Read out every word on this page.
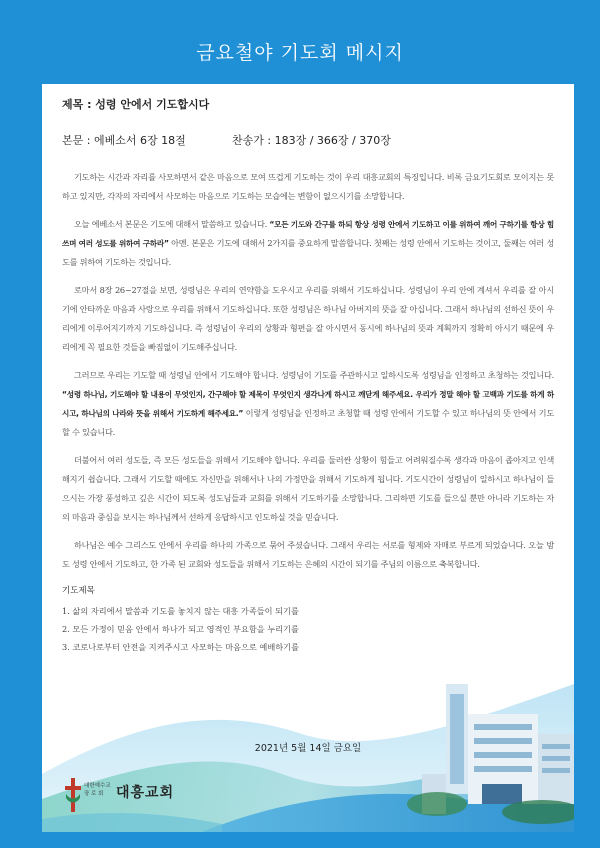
금요철야 기도회 메시지

제목 : 성령 안에서 기도합시다

본문 : 에베소서 6장 18절	찬송가 : 183장 / 366장 / 370장

기도하는 시간과 자리를 사모하면서 같은 마음으로 모여 뜨겁게 기도하는 것이 우리 대흥교회의 특징입니다. 비록 금요기도회로 모이지는 못하고 있지만, 각자의 자리에서 사모하는 마음으로 기도하는 모습에는 변함이 없으시기를 소망합니다.

오늘 에베소서 본문은 기도에 대해서 말씀하고 있습니다. “모든 기도와 간구를 하되 항상 성령 안에서 기도하고 이를 위하여 깨어 구하기를 항상 힘쓰며 여러 성도를 위하여 구하라” 아멘. 본문은 기도에 대해서 2가지를 중요하게 말씀합니다. 첫째는 성령 안에서 기도하는 것이고, 둘째는 여러 성도를 위하여 기도하는 것입니다.

로마서 8장 26~27절을 보면, 성령님은 우리의 연약함을 도우시고 우리를 위해서 기도하십니다. 성령님이 우리 안에 계셔서 우리를 잘 아시기에 안타까운 마음과 사랑으로 우리를 위해서 기도하십니다. 또한 성령님은 하나님 아버지의 뜻을 잘 아십니다. 그래서 하나님의 선하신 뜻이 우리에게 이루어지기까지 기도하십니다. 즉 성령님이 우리의 상황과 형편을 잘 아시면서 동시에 하나님의 뜻과 계획까지 정확히 아시기 때문에 우리에게 꼭 필요한 것들을 빠짐없이 기도해주십니다.

그러므로 우리는 기도할 때 성령님 안에서 기도해야 합니다. 성령님이 기도를 주관하시고 일하시도록 성령님을 인정하고 초청하는 것입니다. “성령 하나님, 기도해야 할 내용이 무엇인지, 간구해야 할 제목이 무엇인지 생각나게 하시고 깨닫게 해주세요. 우리가 정말 해야 할 고백과 기도를 하게 하시고, 하나님의 나라와 뜻을 위해서 기도하게 해주세요.” 이렇게 성령님을 인정하고 초청할 때 성령 안에서 기도할 수 있고 하나님의 뜻 안에서 기도할 수 있습니다.

더불어서 여러 성도들, 즉 모든 성도들을 위해서 기도해야 합니다. 우리를 둘러싼 상황이 힘들고 어려워질수록 생각과 마음이 좁아지고 인색해지기 쉽습니다. 그래서 기도할 때에도 자신만을 위해서나 나의 가정만을 위해서 기도하게 됩니다. 기도시간이 성령님이 일하시고 하나님이 들으시는 가장 풍성하고 깊은 시간이 되도록 성도님들과 교회를 위해서 기도하기를 소망합니다. 그리하면 기도를 들으실 뿐만 아니라 기도하는 자의 마음과 중심을 보시는 하나님께서 선하게 응답하시고 인도하실 것을 믿습니다.

하나님은 예수 그리스도 안에서 우리를 하나의 가족으로 묶어 주셨습니다. 그래서 우리는 서로를 형제와 자매로 부르게 되었습니다. 오늘 밤도 성령 안에서 기도하고, 한 가족 된 교회와 성도들을 위해서 기도하는 은혜의 시간이 되기를 주님의 이름으로 축복합니다.

기도제목

1. 삶의 자리에서 말씀과 기도를 놓치지 않는 대흥 가족들이 되기를

2. 모든 가정이 믿음 안에서 하나가 되고 영적인 부요함을 누리기를

3. 코로나로부터 안전을 지켜주시고 사모하는 마음으로 예배하기를

2021년 5월 14일 금요일
대한예수교
장 로 회 대흥교회
